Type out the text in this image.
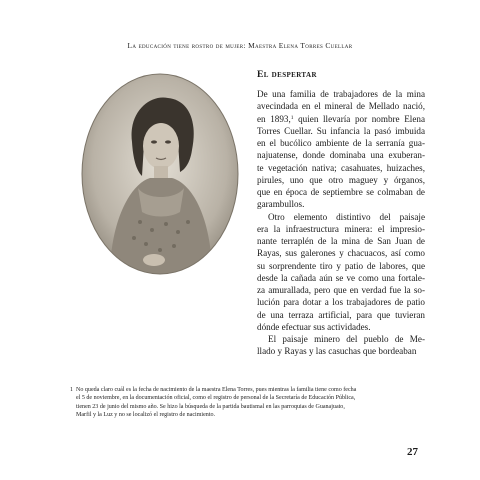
La educación tiene rostro de mujer: Maestra Elena Torres Cuellar
El despertar

De una familia de trabajadores de la mina
avecindada en el mineral de Mellado nació,
en 1893,$^1$ quien llevaría por nombre Elena
Torres Cuellar. Su infancia la pasó imbuida
en el bucólico ambiente de la serranía gua-
najuatense, donde dominaba una exuberan-
te vegetación nativa; casahuates, huizaches,
pirules, uno que otro maguey y órganos,
que en época de septiembre se colmaban de
garambullos.

Otro elemento distintivo del paisaje
era la infraestructura minera: el impresio-
nante terraplén de la mina de San Juan de
Rayas, sus galerones y chacuacos, así como
su sorprendente tiro y patio de labores, que
desde la cañada aún se ve como una fortale-
za amurallada, pero que en verdad fue la so-
lución para dotar a los trabajadores de patio
de una terraza artificial, para que tuvieran
dónde efectuar sus actividades.

El paisaje minero del pueblo de Me-
llado y Rayas y las casuchas que bordeaban

1 No queda claro cuál es la fecha de nacimiento de la maestra Elena Torres, pues mientras la familia tiene como fecha
el 5 de noviembre, en la documentación oficial, como el registro de personal de la Secretaría de Educación Pública,
tienen 23 de junio del mismo año. Se hizo la búsqueda de la partida bautismal en las parroquias de Guanajuato,
Marfil y la Luz y no se localizó el registro de nacimiento.
27
